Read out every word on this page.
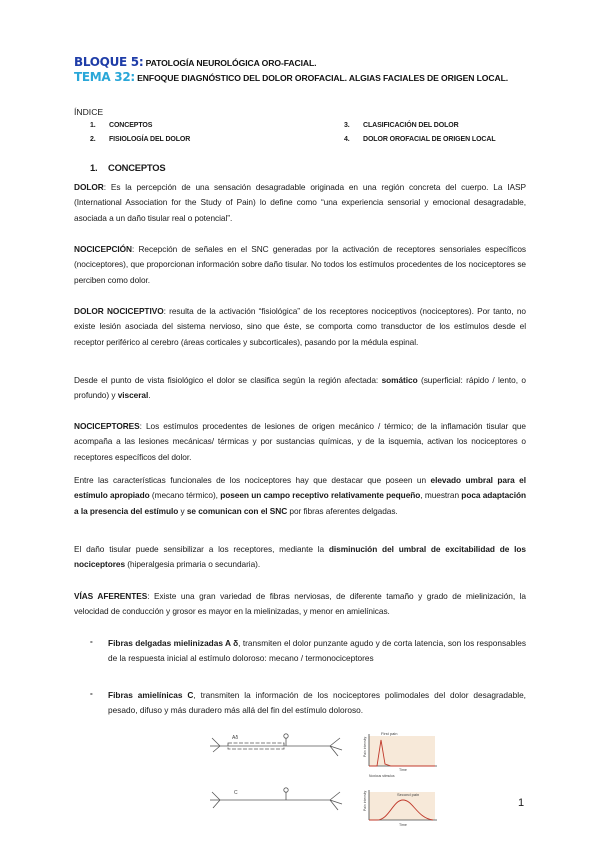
BLOQUE 5: PATOLOGÍA NEUROLÓGICA ORO-FACIAL.
TEMA 32: ENFOQUE DIAGNÓSTICO DEL DOLOR OROFACIAL. ALGIAS FACIALES DE ORIGEN LOCAL.
ÍNDICE
1. CONCEPTOS
2. FISIOLOGÍA DEL DOLOR
3. CLASIFICACIÓN DEL DOLOR
4. DOLOR OROFACIAL DE ORIGEN LOCAL
1. CONCEPTOS
DOLOR: Es la percepción de una sensación desagradable originada en una región concreta del cuerpo. La IASP (International Association for the Study of Pain) lo define como “una experiencia sensorial y emocional desagradable, asociada a un daño tisular real o potencial”.
NOCICEPCIÓN: Recepción de señales en el SNC generadas por la activación de receptores sensoriales específicos (nociceptores), que proporcionan información sobre daño tisular. No todos los estímulos procedentes de los nociceptores se perciben como dolor.
DOLOR NOCICEPTIVO: resulta de la activación “fisiológica” de los receptores nociceptivos (nociceptores). Por tanto, no existe lesión asociada del sistema nervioso, sino que éste, se comporta como transductor de los estímulos desde el receptor periférico al cerebro (áreas corticales y subcorticales), pasando por la médula espinal.
Desde el punto de vista fisiológico el dolor se clasifica según la región afectada: somático (superficial: rápido / lento, o profundo) y visceral.
NOCICEPTORES: Los estímulos procedentes de lesiones de origen mecánico / térmico; de la inflamación tisular que acompaña a las lesiones mecánicas/ térmicas y por sustancias químicas, y de la isquemia, activan los nociceptores o receptores específicos del dolor.
Entre las características funcionales de los nociceptores hay que destacar que poseen un elevado umbral para el estímulo apropiado (mecano térmico), poseen un campo receptivo relativamente pequeño, muestran poca adaptación a la presencia del estímulo y se comunican con el SNC por fibras aferentes delgadas.
El daño tisular puede sensibilizar a los receptores, mediante la disminución del umbral de excitabilidad de los nociceptores (hiperalgesia primaria o secundaria).
VÍAS AFERENTES: Existe una gran variedad de fibras nerviosas, de diferente tamaño y grado de mielinización, la velocidad de conducción y grosor es mayor en la mielinizadas, y menor en amielínicas.
- Fibras delgadas mielinizadas A δ, transmiten el dolor punzante agudo y de corta latencia, son los responsables de la respuesta inicial al estímulo doloroso: mecano / termonociceptores
- Fibras amielínicas C, transmiten la información de los nociceptores polimodales del dolor desagradable, pesado, difuso y más duradero más allá del fin del estímulo doloroso.
Aδ
C
First pain
Pain intensity
Time
Noxious stimulus
Second pain
Pain intensity
Time
1
